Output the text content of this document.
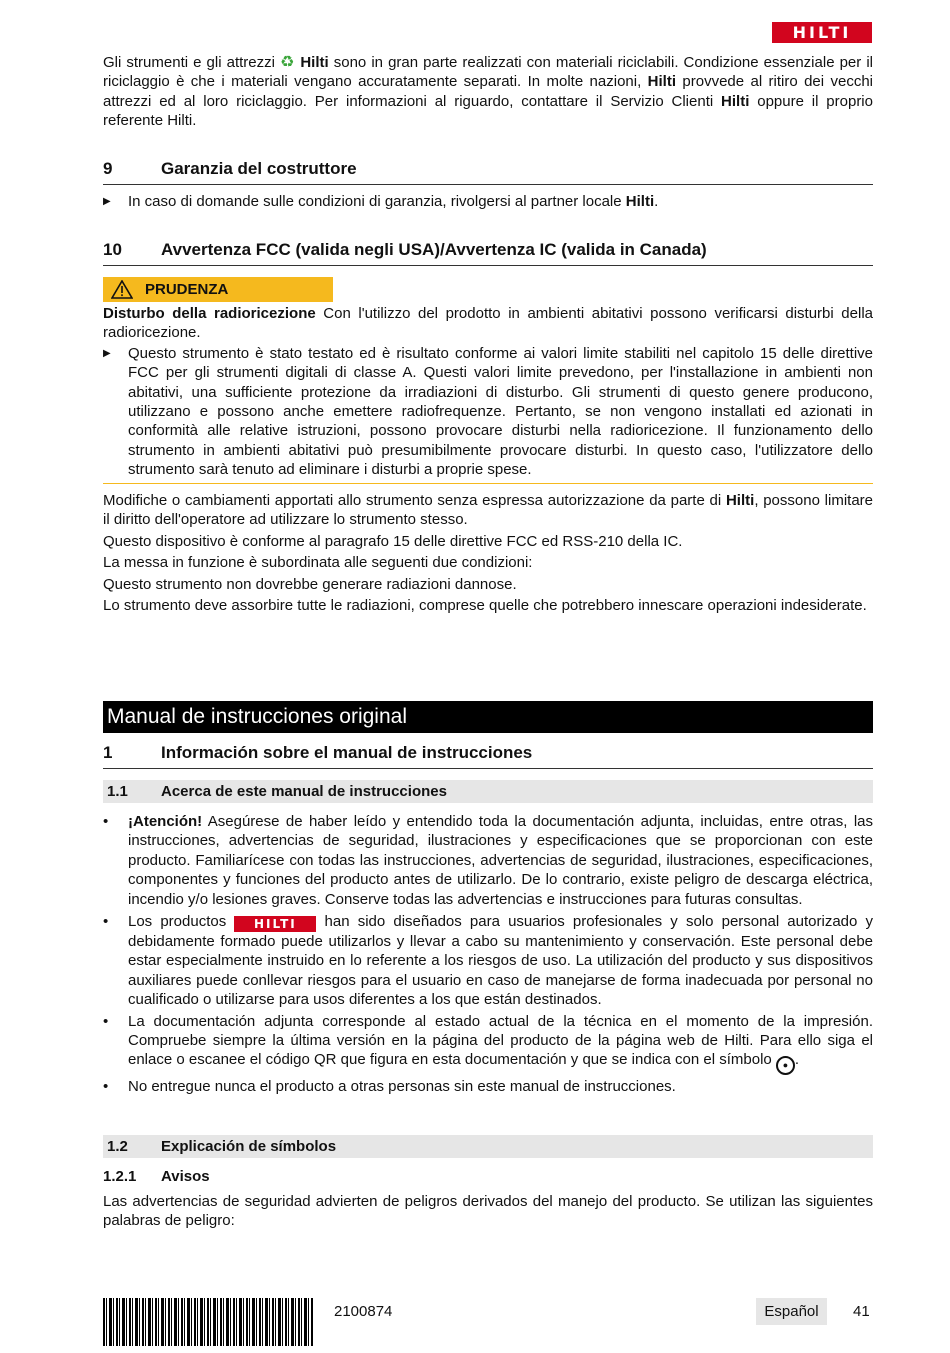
HILTI

Gli strumenti e gli attrezzi ♻ Hilti sono in gran parte realizzati con materiali riciclabili. Condizione essenziale per il riciclaggio è che i materiali vengano accuratamente separati. In molte nazioni, Hilti provvede al ritiro dei vecchi attrezzi ed al loro riciclaggio. Per informazioni al riguardo, contattare il Servizio Clienti Hilti oppure il proprio referente Hilti.

9	Garanzia del costruttore
▶ In caso di domande sulle condizioni di garanzia, rivolgersi al partner locale Hilti.
10 Avvertenza FCC (valida negli USA)/Avvertenza IC (valida in Canada)
PRUDENZA

Disturbo della radioricezione Con l'utilizzo del prodotto in ambienti abitativi possono verificarsi disturbi della radioricezione.

▶ Questo strumento è stato testato ed è risultato conforme ai valori limite stabiliti nel capitolo 15 delle direttive FCC per gli strumenti digitali di classe A. Questi valori limite prevedono, per l'installazione in ambienti non abitativi, una sufficiente protezione da irradiazioni di disturbo. Gli strumenti di questo genere producono, utilizzano e possono anche emettere radiofrequenze. Pertanto, se non vengono installati ed azionati in conformità alle relative istruzioni, possono provocare disturbi nella radioricezione. Il funzionamento dello strumento in ambienti abitativi può presumibilmente provocare disturbi. In questo caso, l'utilizzatore dello strumento sarà tenuto ad eliminare i disturbi a proprie spese.

Modifiche o cambiamenti apportati allo strumento senza espressa autorizzazione da parte di Hilti, possono limitare il diritto dell'operatore ad utilizzare lo strumento stesso.

Questo dispositivo è conforme al paragrafo 15 delle direttive FCC ed RSS-210 della IC.

La messa in funzione è subordinata alle seguenti due condizioni:

Questo strumento non dovrebbe generare radiazioni dannose.

Lo strumento deve assorbire tutte le radiazioni, comprese quelle che potrebbero innescare operazioni indesiderate.

Manual de instrucciones original
1	Información sobre el manual de instrucciones
1.1 Acerca de este manual de instrucciones
• ¡Atención! Asegúrese de haber leído y entendido toda la documentación adjunta, incluidas, entre otras, las instrucciones, advertencias de seguridad, ilustraciones y especificaciones que se proporcionan con este producto. Familiarícese con todas las instrucciones, advertencias de seguridad, ilustraciones, especificaciones, componentes y funciones del producto antes de utilizarlo. De lo contrario, existe peligro de descarga eléctrica, incendio y/o lesiones graves. Conserve todas las advertencias e instrucciones para futuras consultas.
• Los productos HILTI han sido diseñados para usuarios profesionales y solo personal autorizado y debidamente formado puede utilizarlos y llevar a cabo su mantenimiento y conservación. Este personal debe estar especialmente instruido en lo referente a los riesgos de uso. La utilización del producto y sus dispositivos auxiliares puede conllevar riesgos para el usuario en caso de manejarse de forma inadecuada por personal no cualificado o utilizarse para usos diferentes a los que están destinados.
• La documentación adjunta corresponde al estado actual de la técnica en el momento de la impresión. Compruebe siempre la última versión en la página del producto de la página web de Hilti. Para ello siga el enlace o escanee el código QR que figura en esta documentación y que se indica con el símbolo ● .
• No entregue nunca el producto a otras personas sin este manual de instrucciones.
1.2 Explicación de símbolos
1.2.1 Avisos

Las advertencias de seguridad advierten de peligros derivados del manejo del producto. Se utilizan las siguientes palabras de peligro:

2100874	Español	41
